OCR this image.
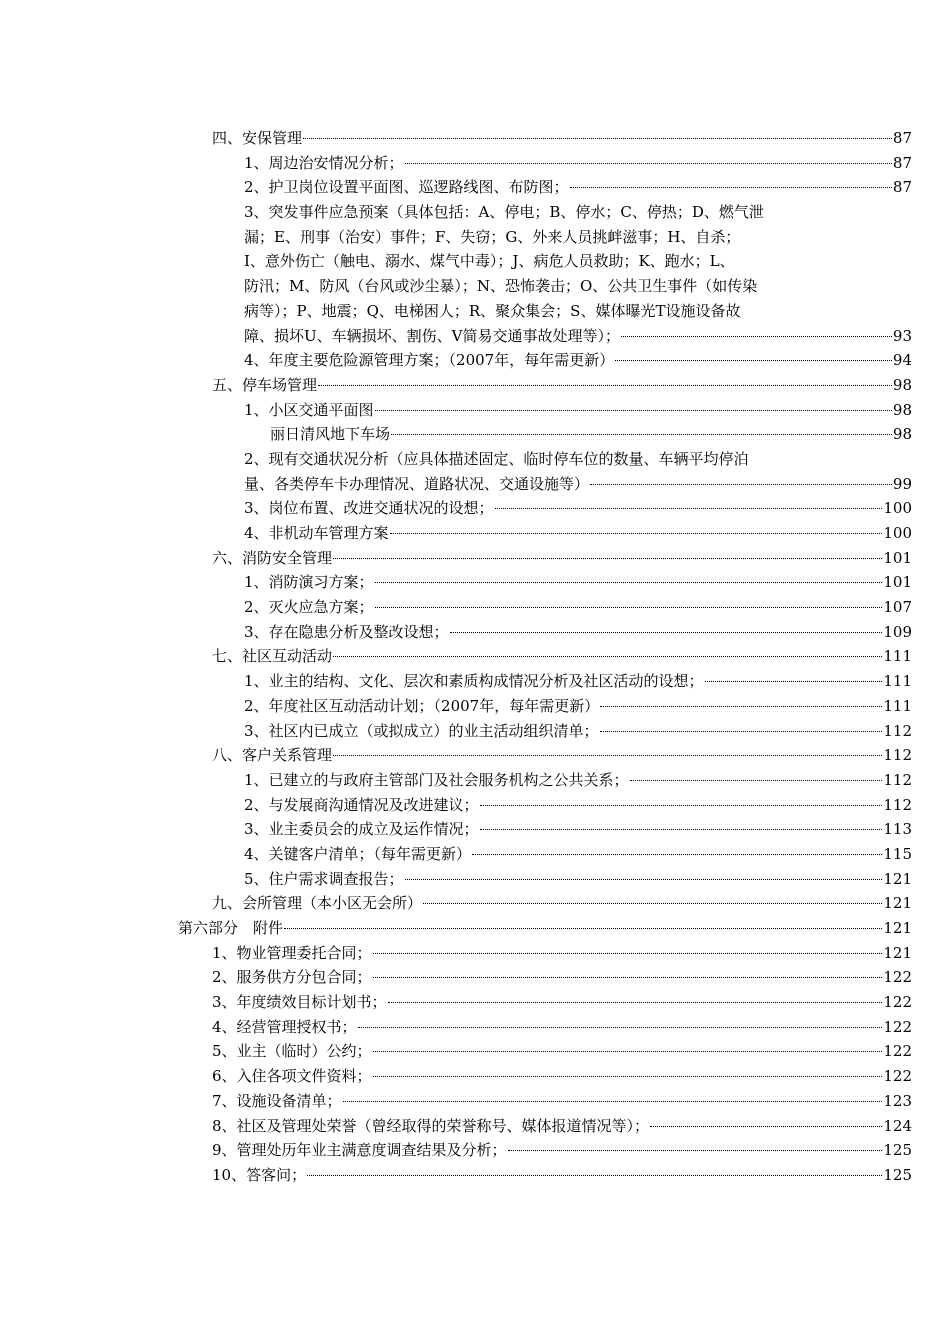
四、安保管理	87
1、周边治安情况分析；	87
2、护卫岗位设置平面图、巡逻路线图、布防图；	87
3、突发事件应急预案（具体包括：A、停电；B、停水；C、停热；D、燃气泄
漏；E、刑事（治安）事件；F、失窃；G、外来人员挑衅滋事；H、自杀；
I、意外伤亡（触电、溺水、煤气中毒）；J、病危人员救助；K、跑水；L、
防汛；M、防风（台风或沙尘暴）；N、恐怖袭击；O、公共卫生事件（如传染
病等）；P、地震；Q、电梯困人；R、聚众集会；S、媒体曝光T设施设备故
障、损坏U、车辆损坏、割伤、V简易交通事故处理等）；	93
4、年度主要危险源管理方案；（2007年，每年需更新）	94
五、停车场管理	98
1、小区交通平面图	98
丽日清风地下车场	98
2、现有交通状况分析（应具体描述固定、临时停车位的数量、车辆平均停泊
量、各类停车卡办理情况、道路状况、交通设施等）	99
3、岗位布置、改进交通状况的设想；	100
4、非机动车管理方案	100
六、消防安全管理	101
1、消防演习方案；	101
2、灭火应急方案；	107
3、存在隐患分析及整改设想；	109
七、社区互动活动	111
1、业主的结构、文化、层次和素质构成情况分析及社区活动的设想；	111
2、年度社区互动活动计划；（2007年，每年需更新）	111
3、社区内已成立（或拟成立）的业主活动组织清单；	112
八、客户关系管理	112
1、已建立的与政府主管部门及社会服务机构之公共关系；	112
2、与发展商沟通情况及改进建议；	112
3、业主委员会的成立及运作情况；	113
4、关键客户清单；（每年需更新）	115
5、住户需求调查报告；	121
九、会所管理（本小区无会所）	121
第六部分　附件	121
1、物业管理委托合同；	121
2、服务供方分包合同；	122
3、年度绩效目标计划书；	122
4、经营管理授权书；	122
5、业主（临时）公约；	122
6、入住各项文件资料；	122
7、设施设备清单；	123
8、社区及管理处荣誉（曾经取得的荣誉称号、媒体报道情况等）；	124
9、管理处历年业主满意度调查结果及分析；	125
10、答客问；	125
